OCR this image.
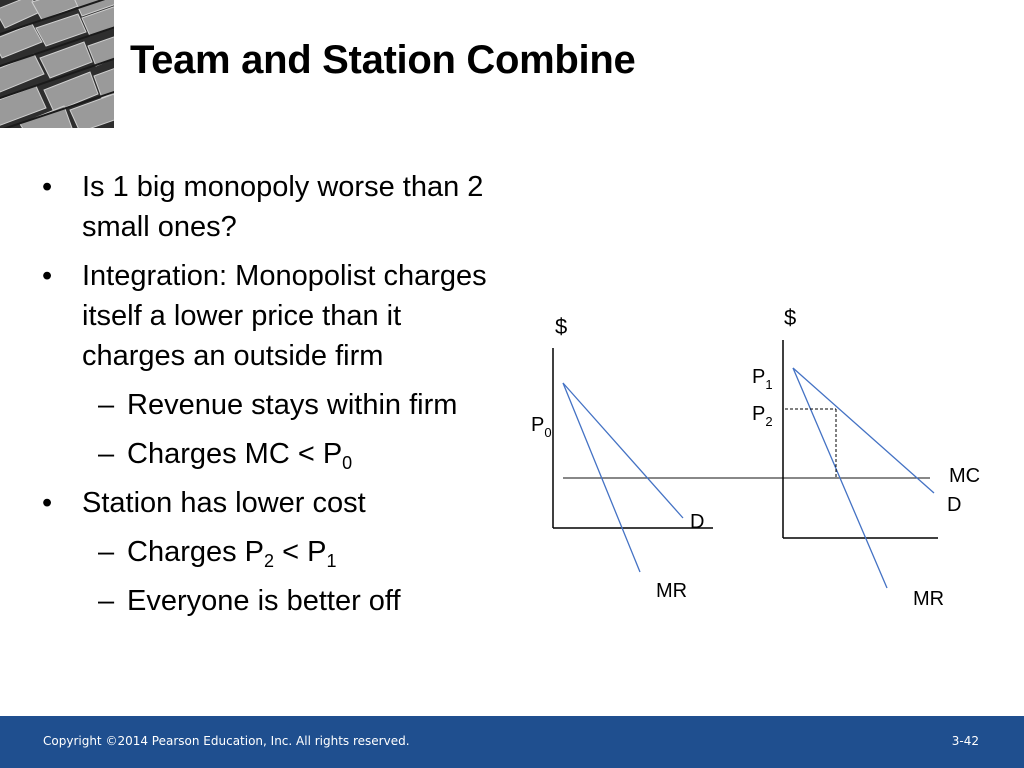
Team and Station Combine
• Is 1 big monopoly worse than 2 small ones?
• Integration: Monopolist charges itself a lower price than it charges an outside firm
– Revenue stays within firm
– Charges MC < $P_0$
• Station has lower cost
– Charges $P_2 < P_1$
– Everyone is better off
$
$P_0$
D
MR
$
$P_1$
$P_2$
MC
D
MR
Copyright ©2014 Pearson Education, Inc. All rights reserved.	3-42
